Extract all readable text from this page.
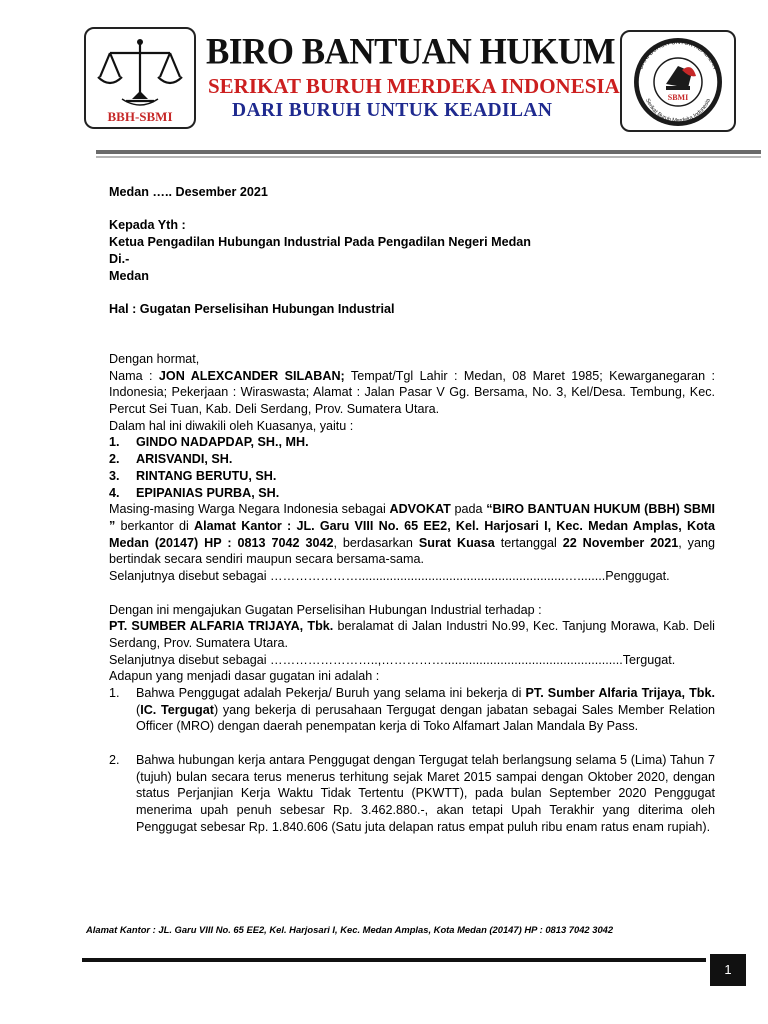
BBH-SBMI
BIRO BANTUAN HUKUM
SERIKAT BURUH MERDEKA INDONESIA
DARI BURUH UNTUK KEADILAN
SBMI
DARI BURUH UNTUK KEADILAN
Serikat Buruh Merdeka Indonesia

Medan ….. Desember 2021

Kepada Yth :

Ketua Pengadilan Hubungan Industrial Pada Pengadilan Negeri Medan

Di.-

Medan

Hal : Gugatan Perselisihan Hubungan Industrial

Dengan hormat,

Nama : JON ALEXCANDER SILABAN; Tempat/Tgl Lahir : Medan, 08 Maret 1985; Kewarganegaran : Indonesia; Pekerjaan : Wiraswasta; Alamat : Jalan Pasar V Gg. Bersama, No. 3, Kel/Desa. Tembung, Kec. Percut Sei Tuan, Kab. Deli Serdang, Prov. Sumatera Utara.

Dalam hal ini diwakili oleh Kuasanya, yaitu :

1.	GINDO NADAPDAP, SH., MH.
2.	ARISVANDI, SH.
3.	RINTANG BERUTU, SH.
4.	EPIPANIAS PURBA, SH.

Masing-masing Warga Negara Indonesia sebagai ADVOKAT pada “BIRO BANTUAN HUKUM (BBH) SBMI ” berkantor di Alamat Kantor : JL. Garu VIII No. 65 EE2, Kel. Harjosari I, Kec. Medan Amplas, Kota Medan (20147) HP : 0813 7042 3042, berdasarkan Surat Kuasa tertanggal 22 November 2021, yang bertindak secara sendiri maupun secara bersama-sama.

Selanjutnya disebut sebagai …………………...........................................................…........Penggugat.

Dengan ini mengajukan Gugatan Perselisihan Hubungan Industrial terhadap :

PT. SUMBER ALFARIA TRIJAYA, Tbk. beralamat di Jalan Industri No.99, Kec. Tanjung Morawa, Kab. Deli Serdang, Prov. Sumatera Utara.

Selanjutnya disebut sebagai ……………………..,……………...................................................Tergugat.

Adapun yang menjadi dasar gugatan ini adalah :

1.	Bahwa Penggugat adalah Pekerja/ Buruh yang selama ini bekerja di PT. Sumber Alfaria Trijaya, Tbk. (IC. Tergugat) yang bekerja di perusahaan Tergugat dengan jabatan sebagai Sales Member Relation Officer (MRO) dengan daerah penempatan kerja di Toko Alfamart Jalan Mandala By Pass.
2.	Bahwa hubungan kerja antara Penggugat dengan Tergugat telah berlangsung selama 5 (Lima) Tahun 7 (tujuh) bulan secara terus menerus terhitung sejak Maret 2015 sampai dengan Oktober 2020, dengan status Perjanjian Kerja Waktu Tidak Tertentu (PKWTT), pada bulan September 2020 Penggugat menerima upah penuh sebesar Rp. 3.462.880.-, akan tetapi Upah Terakhir yang diterima oleh Penggugat sebesar Rp. 1.840.606 (Satu juta delapan ratus empat puluh ribu enam ratus enam rupiah).
Alamat Kantor : JL. Garu VIII No. 65 EE2, Kel. Harjosari I, Kec. Medan Amplas, Kota Medan (20147) HP : 0813 7042 3042
1
